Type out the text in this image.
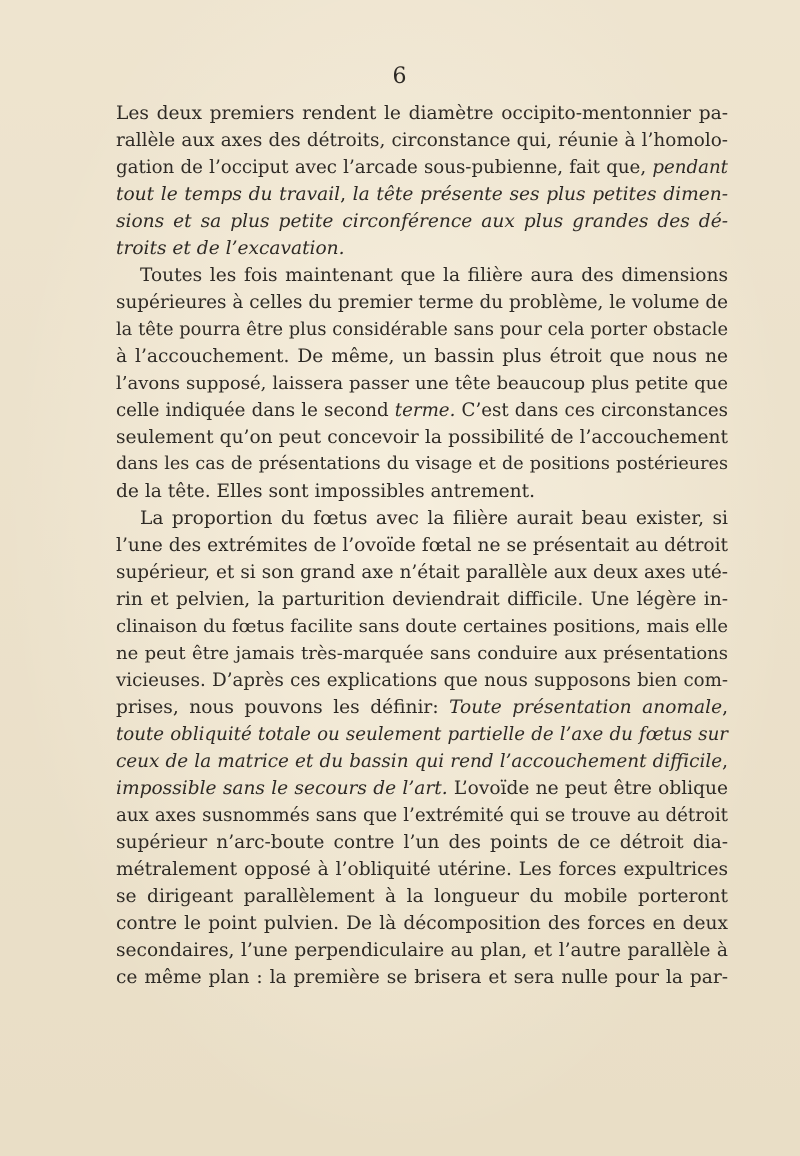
6
Les deux premiers rendent le diamètre occipito-mentonnier pa-
rallèle aux axes des détroits, circonstance qui, réunie à l’homolo-
gation de l’occiput avec l’arcade sous-pubienne, fait que, pendant
tout le temps du travail, la tête présente ses plus petites dimen-
sions et sa plus petite circonférence aux plus grandes des dé-
troits et de l’excavation.
Toutes les fois maintenant que la filière aura des dimensions
supérieures à celles du premier terme du problème, le volume de
la tête pourra être plus considérable sans pour cela porter obstacle
à l’accouchement. De même, un bassin plus étroit que nous ne
l’avons supposé, laissera passer une tête beaucoup plus petite que
celle indiquée dans le second terme. C’est dans ces circonstances
seulement qu’on peut concevoir la possibilité de l’accouchement
dans les cas de présentations du visage et de positions postérieures
de la tête. Elles sont impossibles antrement.
La proportion du fœtus avec la filière aurait beau exister, si
l’une des extrémites de l’ovoïde fœtal ne se présentait au détroit
supérieur, et si son grand axe n’était parallèle aux deux axes uté-
rin et pelvien, la parturition deviendrait difficile. Une légère in-
clinaison du fœtus facilite sans doute certaines positions, mais elle
ne peut être jamais très-marquée sans conduire aux présentations
vicieuses. D’après ces explications que nous supposons bien com-
prises, nous pouvons les définir: Toute présentation anomale,
toute obliquité totale ou seulement partielle de l’axe du fœtus sur
ceux de la matrice et du bassin qui rend l’accouchement difficile,
impossible sans le secours de l’art. L’ovoïde ne peut être oblique
aux axes susnommés sans que l’extrémité qui se trouve au détroit
supérieur n’arc-boute contre l’un des points de ce détroit dia-
métralement opposé à l’obliquité utérine. Les forces expultrices
se dirigeant parallèlement à la longueur du mobile porteront
contre le point pulvien. De là décomposition des forces en deux
secondaires, l’une perpendiculaire au plan, et l’autre parallèle à
ce même plan : la première se brisera et sera nulle pour la par-
